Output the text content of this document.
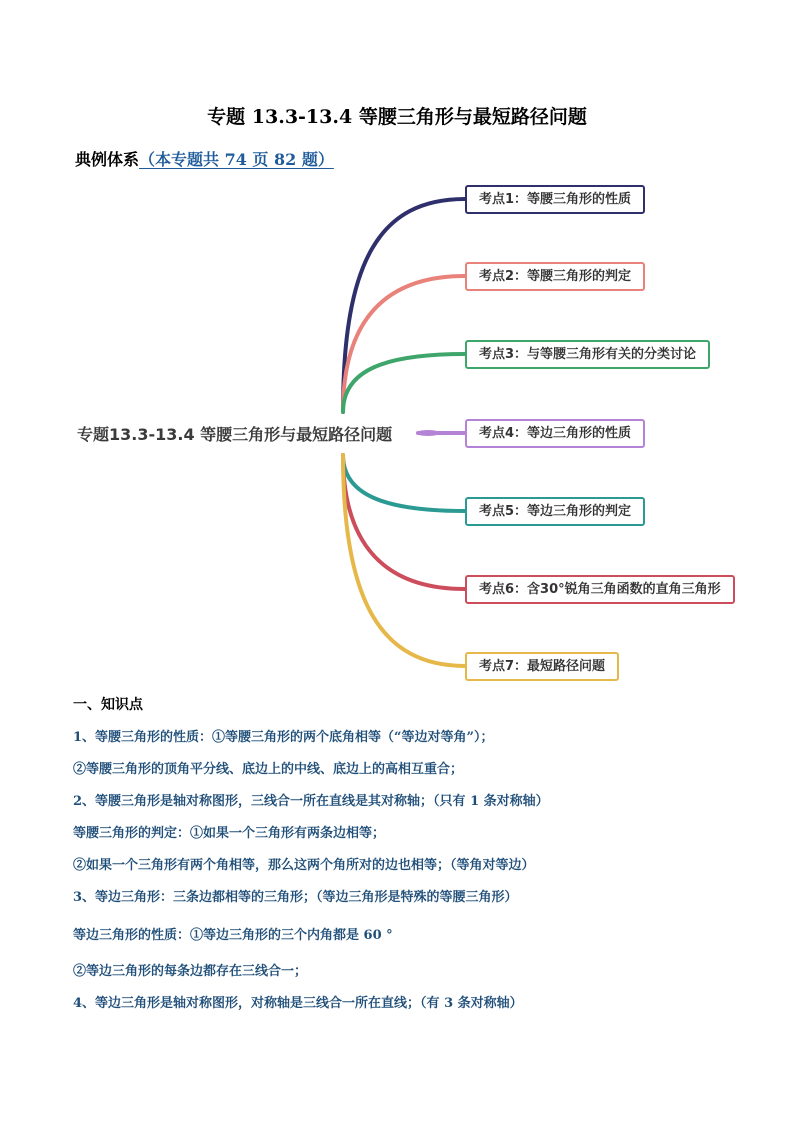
专题 13.3-13.4 等腰三角形与最短路径问题
典例体系（本专题共 74 页 82 题）
专题13.3-13.4 等腰三角形与最短路径问题
考点1：等腰三角形的性质
考点2：等腰三角形的判定
考点3：与等腰三角形有关的分类讨论
考点4：等边三角形的性质
考点5：等边三角形的判定
考点6：含30°锐角三角函数的直角三角形
考点7：最短路径问题
一、知识点
1、等腰三角形的性质：①等腰三角形的两个底角相等（“等边对等角”）；
②等腰三角形的顶角平分线、底边上的中线、底边上的高相互重合；
2、等腰三角形是轴对称图形，三线合一所在直线是其对称轴；（只有 1 条对称轴）
等腰三角形的判定：①如果一个三角形有两条边相等；
②如果一个三角形有两个角相等，那么这两个角所对的边也相等；（等角对等边）
3、等边三角形：三条边都相等的三角形；（等边三角形是特殊的等腰三角形）
等边三角形的性质：①等边三角形的三个内角都是 60 °
②等边三角形的每条边都存在三线合一；
4、等边三角形是轴对称图形，对称轴是三线合一所在直线；（有 3 条对称轴）
